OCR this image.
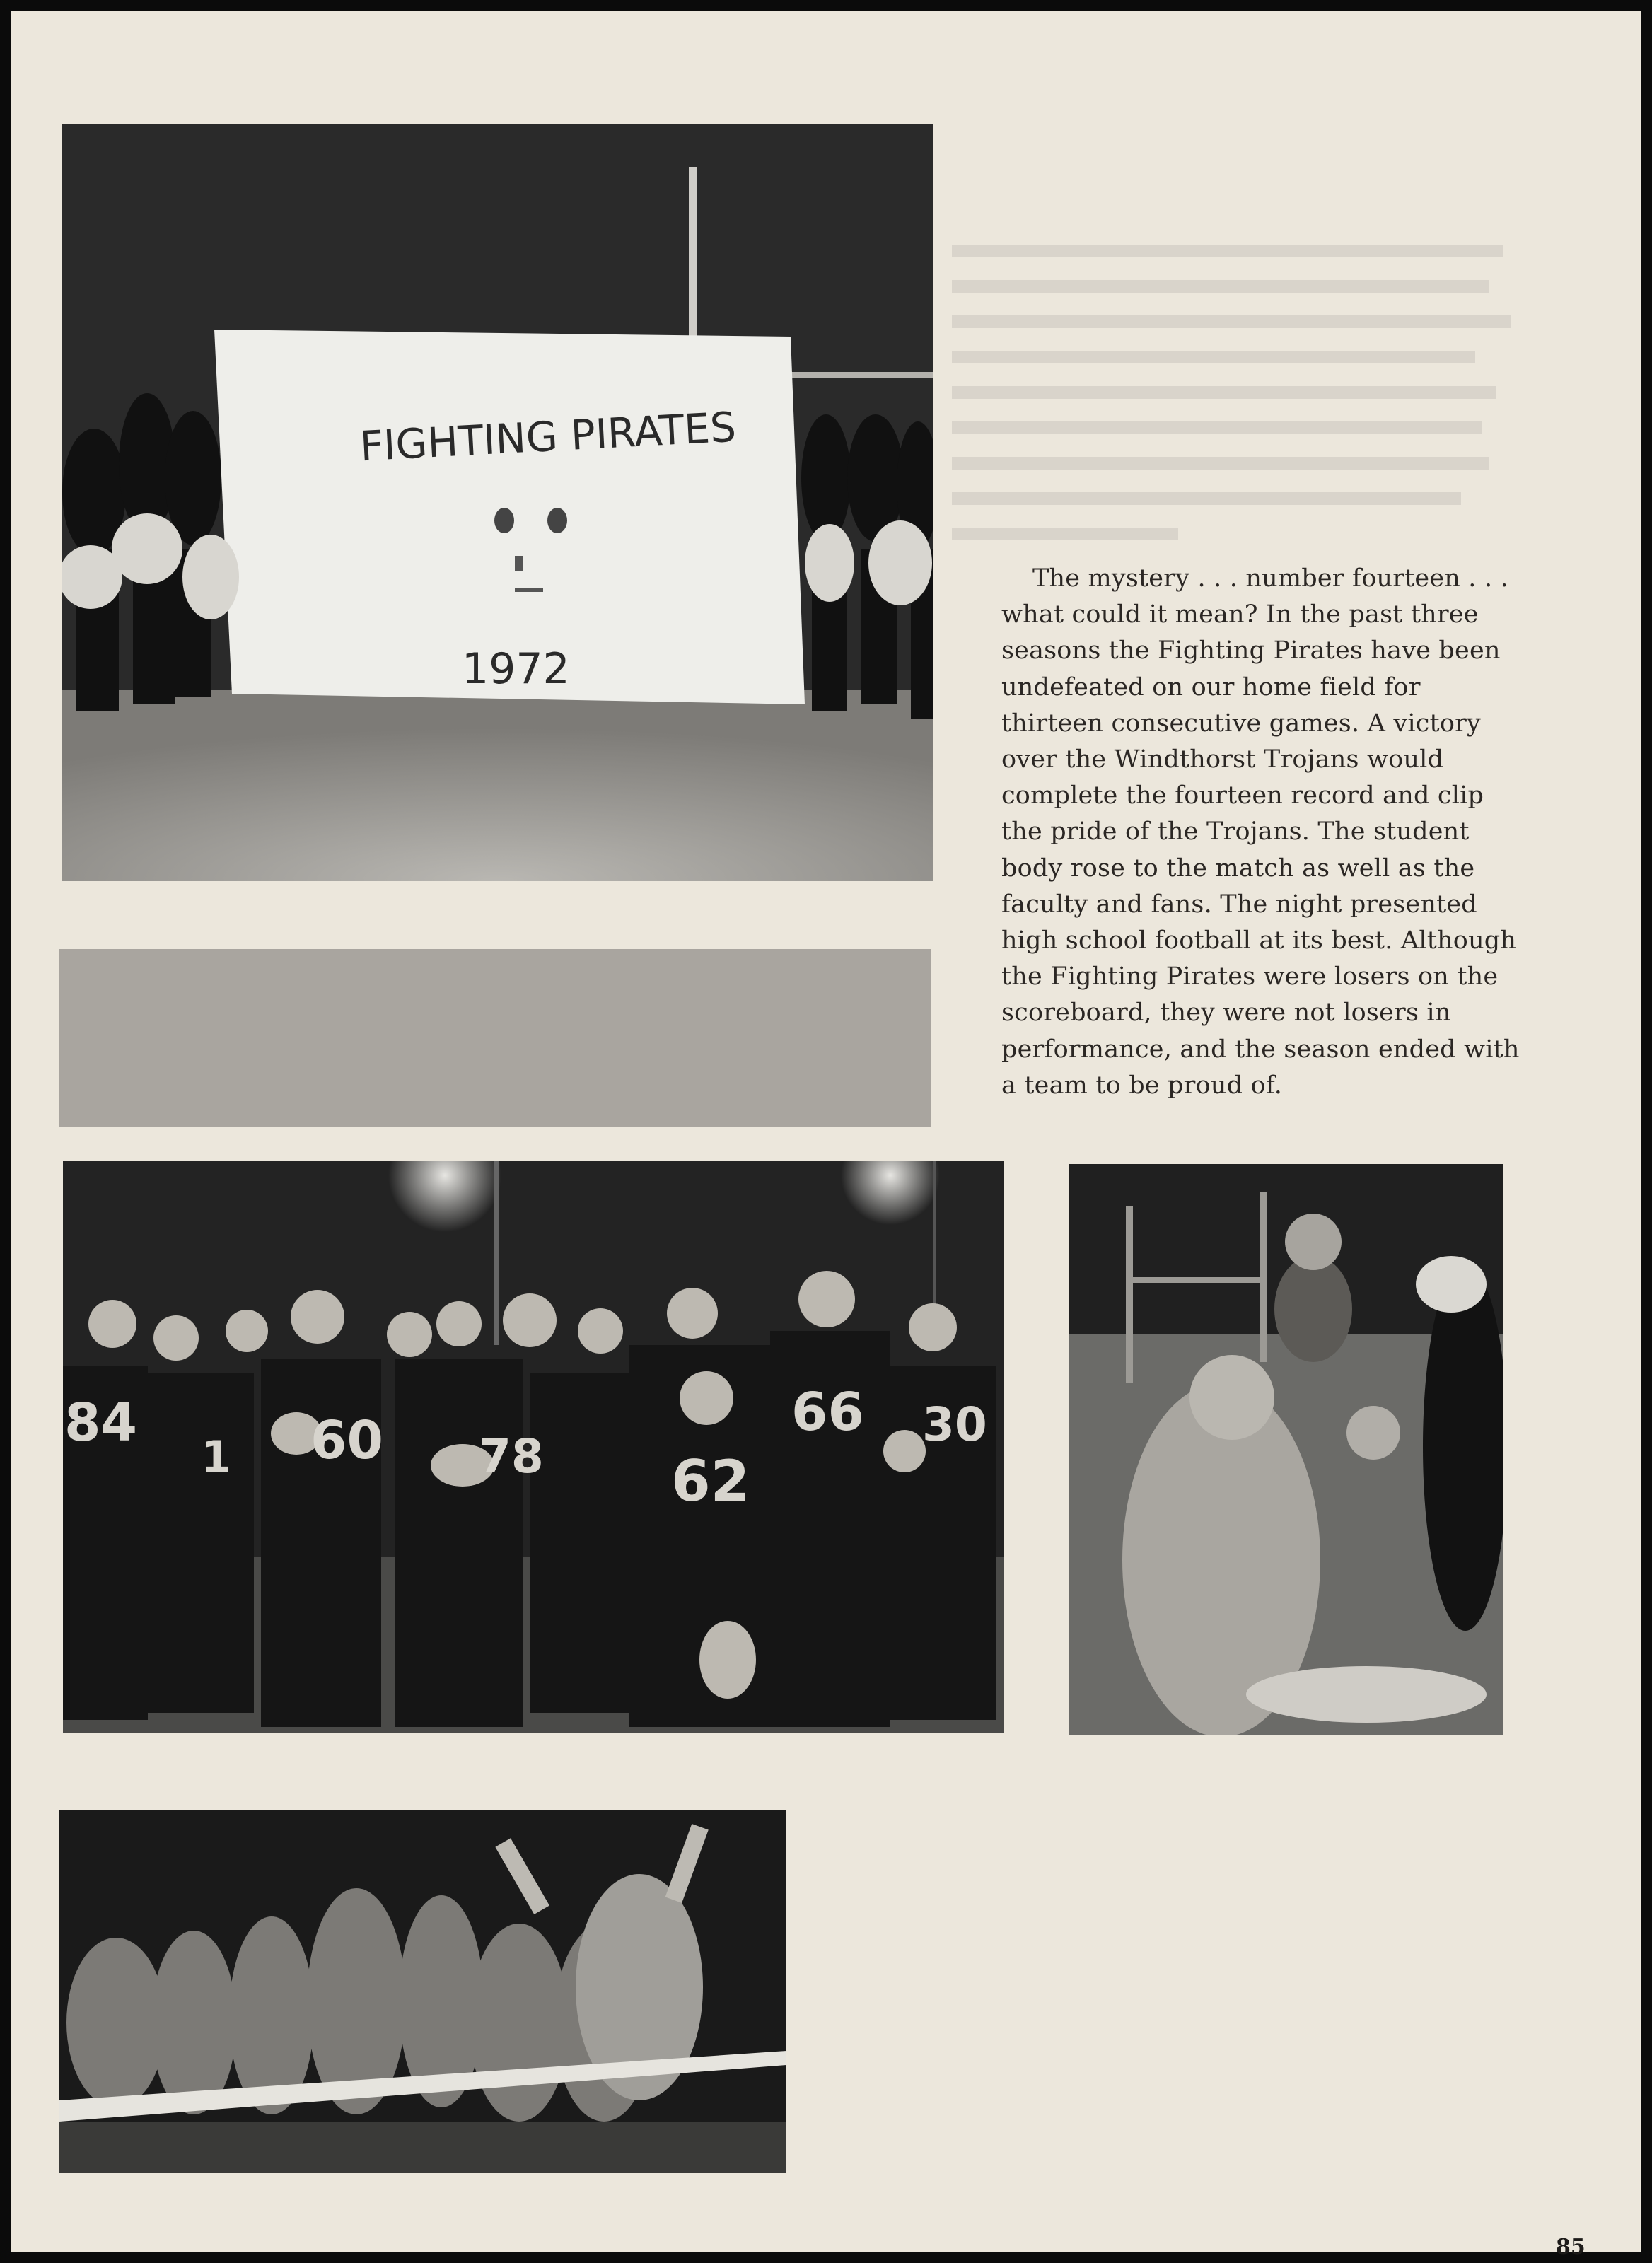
FIGHTING PIRATES
1972

The mystery . . . number fourteen . . . what could it mean? In the past three seasons the Fighting Pirates have been undefeated on our home field for thirteen consecutive games. A victory over the Windthorst Trojans would complete the fourteen record and clip the pride of the Trojans. The student body rose to the match as well as the faculty and fans. The night presented high school football at its best. Although the Fighting Pirates were losers on the scoreboard, they were not losers in performance, and the season ended with a team to be proud of.

84
1 60 78 62
66 30
85
